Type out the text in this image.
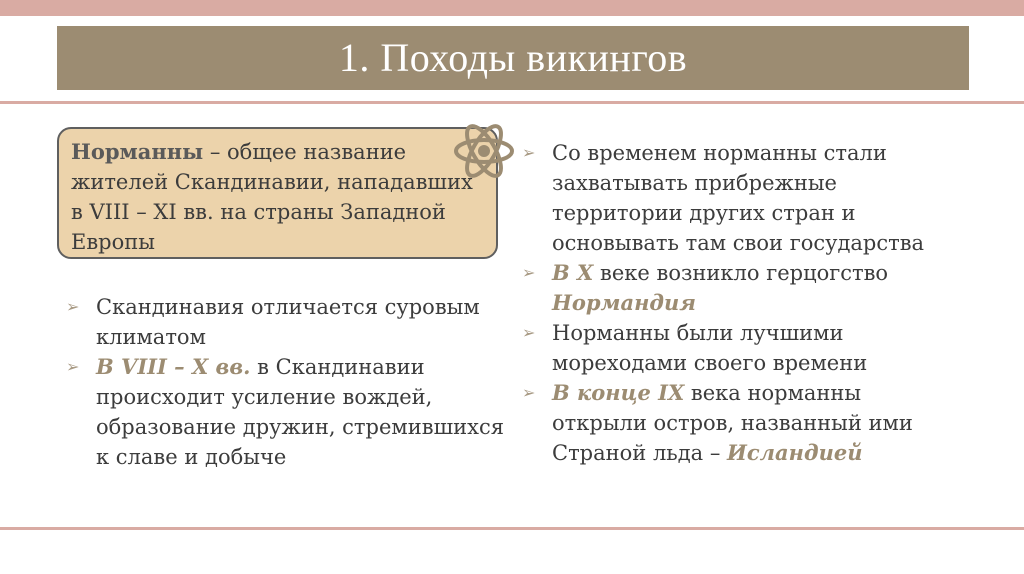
1. Походы викингов

Норманны – общее название жителей Скандинавии, нападавших в VIII – XI вв. на страны Западной Европы

➢ Скандинавия отличается суровым климатом
➢ В VIII – Х вв. в Скандинавии происходит усиление вождей, образование дружин, стремившихся к славе и добыче
➢ Со временем норманны стали захватывать прибрежные территории других стран и основывать там свои государства
➢ В Х веке возникло герцогство Нормандия
➢ Норманны были лучшими мореходами своего времени
➢ В конце IX века норманны открыли остров, названный ими Страной льда – Исландией
